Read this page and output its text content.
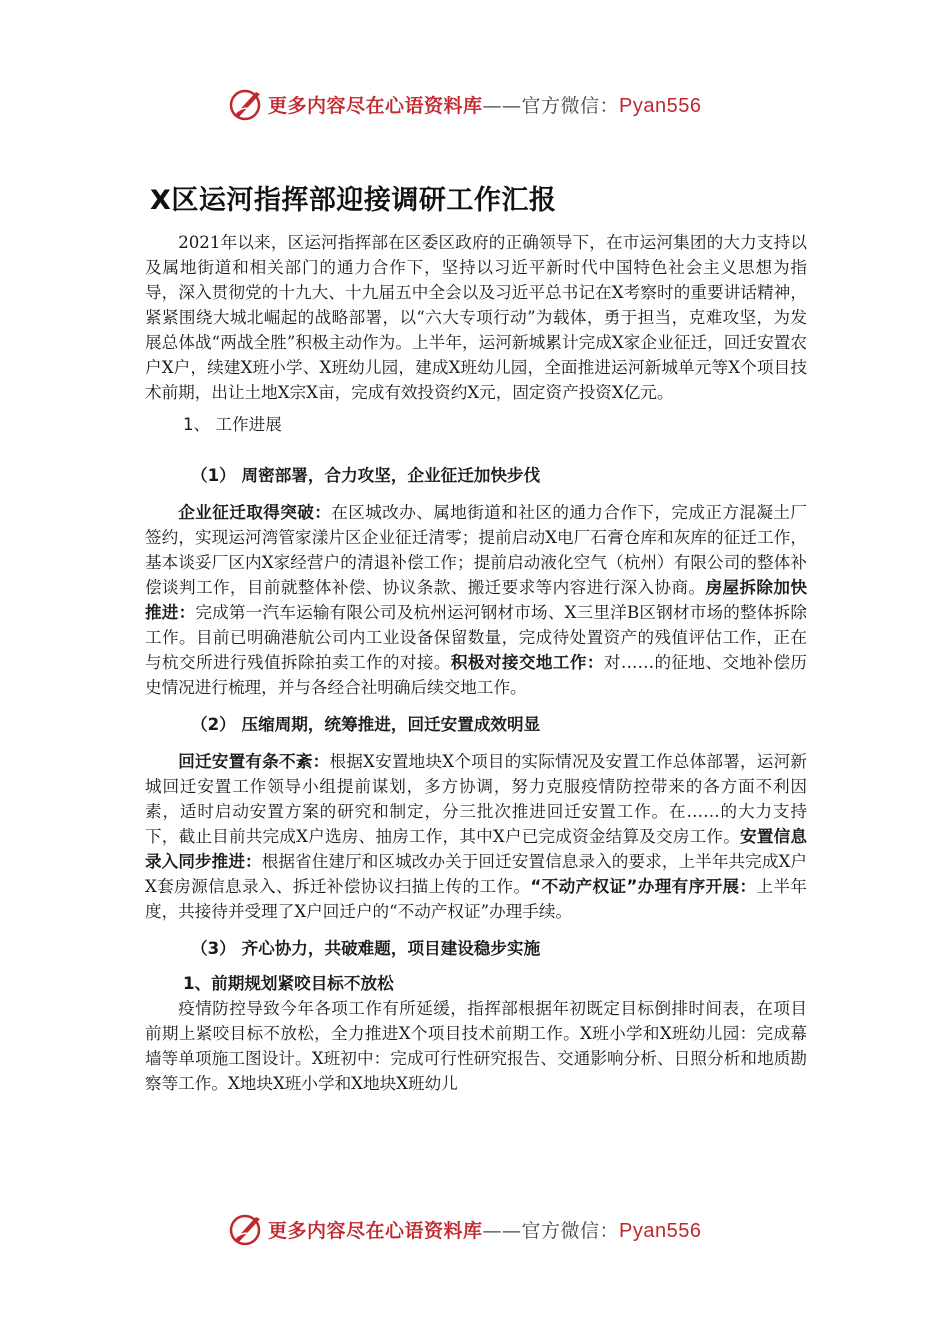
更多内容尽在心语资料库——官方微信：Pyan556
X区运河指挥部迎接调研工作汇报

2021年以来，区运河指挥部在区委区政府的正确领导下，在市运河集团的大力支持以及属地街道和相关部门的通力合作下，坚持以习近平新时代中国特色社会主义思想为指导，深入贯彻党的十九大、十九届五中全会以及习近平总书记在X考察时的重要讲话精神，紧紧围绕大城北崛起的战略部署，以“六大专项行动”为载体，勇于担当，克难攻坚，为发展总体战“两战全胜”积极主动作为。上半年，运河新城累计完成X家企业征迁，回迁安置农户X户，续建X班小学、X班幼儿园，建成X班幼儿园，全面推进运河新城单元等X个项目技术前期，出让土地X宗X亩，完成有效投资约X元，固定资产投资X亿元。

1、 工作进展
（1） 周密部署，合力攻坚，企业征迁加快步伐

企业征迁取得突破：在区城改办、属地街道和社区的通力合作下，完成正方混凝土厂签约，实现运河湾管家漾片区企业征迁清零；提前启动X电厂石膏仓库和灰库的征迁工作，基本谈妥厂区内X家经营户的清退补偿工作；提前启动液化空气（杭州）有限公司的整体补偿谈判工作，目前就整体补偿、协议条款、搬迁要求等内容进行深入协商。房屋拆除加快推进：完成第一汽车运输有限公司及杭州运河钢材市场、X三里洋B区钢材市场的整体拆除工作。目前已明确港航公司内工业设备保留数量，完成待处置资产的残值评估工作，正在与杭交所进行残值拆除拍卖工作的对接。积极对接交地工作：对……的征地、交地补偿历史情况进行梳理，并与各经合社明确后续交地工作。

（2） 压缩周期，统筹推进，回迁安置成效明显

回迁安置有条不紊：根据X安置地块X个项目的实际情况及安置工作总体部署，运河新城回迁安置工作领导小组提前谋划，多方协调，努力克服疫情防控带来的各方面不利因素，适时启动安置方案的研究和制定，分三批次推进回迁安置工作。在……的大力支持下，截止目前共完成X户选房、抽房工作，其中X户已完成资金结算及交房工作。安置信息录入同步推进：根据省住建厅和区城改办关于回迁安置信息录入的要求，上半年共完成X户X套房源信息录入、拆迁补偿协议扫描上传的工作。“不动产权证”办理有序开展：上半年度，共接待并受理了X户回迁户的“不动产权证”办理手续。

（3） 齐心协力，共破难题，项目建设稳步实施
1、前期规划紧咬目标不放松

疫情防控导致今年各项工作有所延缓，指挥部根据年初既定目标倒排时间表，在项目前期上紧咬目标不放松，全力推进X个项目技术前期工作。X班小学和X班幼儿园：完成幕墙等单项施工图设计。X班初中：完成可行性研究报告、交通影响分析、日照分析和地质勘察等工作。X地块X班小学和X地块X班幼儿

更多内容尽在心语资料库——官方微信：Pyan556
